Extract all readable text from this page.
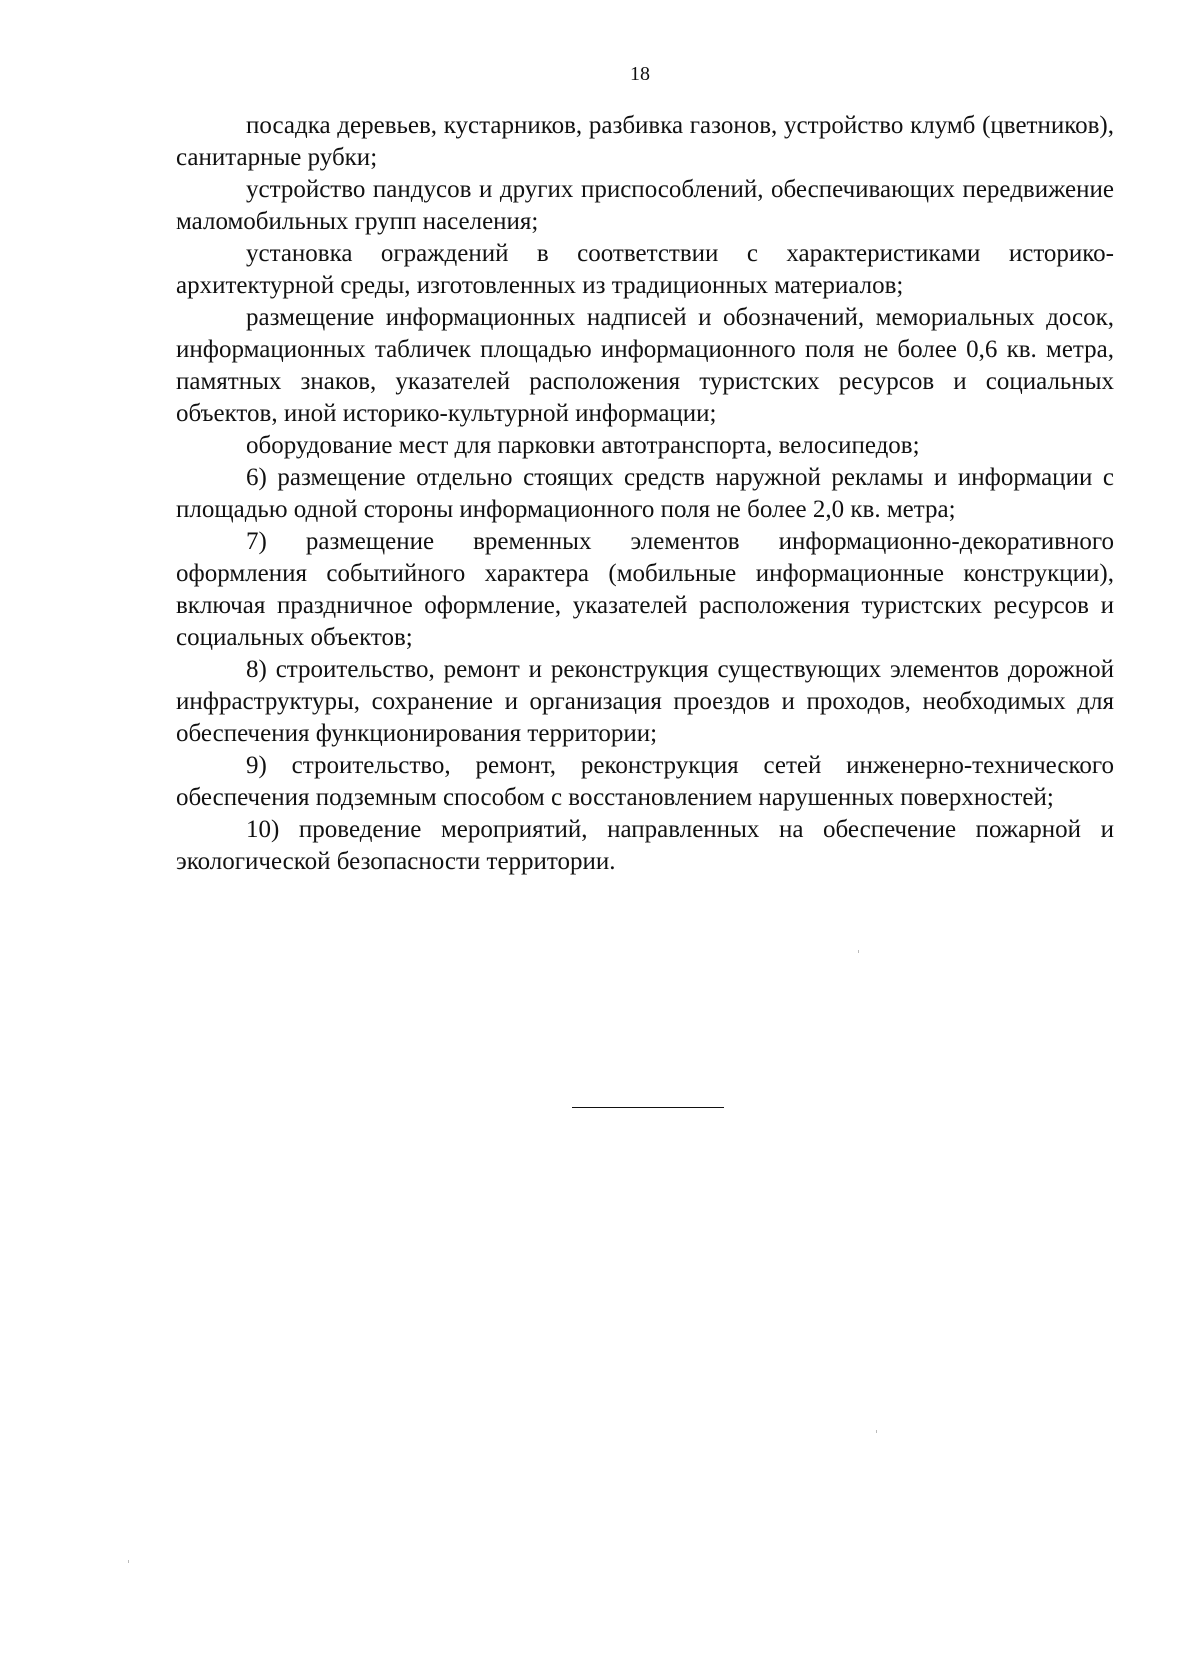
18

посадка деревьев, кустарников, разбивка газонов, устройство клумб (цветников), санитарные рубки;

устройство пандусов и других приспособлений, обеспечивающих передвижение маломобильных групп населения;

установка ограждений в соответствии с характеристиками историко-архитектурной среды, изготовленных из традиционных материалов;

размещение информационных надписей и обозначений, мемориальных досок, информационных табличек площадью информационного поля не более 0,6 кв. метра, памятных знаков, указателей расположения туристских ресурсов и социальных объектов, иной историко-культурной информации;

оборудование мест для парковки автотранспорта, велосипедов;

6) размещение отдельно стоящих средств наружной рекламы и информации с площадью одной стороны информационного поля не более 2,0 кв. метра;

7) размещение временных элементов информационно-декоративного оформления событийного характера (мобильные информационные конструкции), включая праздничное оформление, указателей расположения туристских ресурсов и социальных объектов;

8) строительство, ремонт и реконструкция существующих элементов дорожной инфраструктуры, сохранение и организация проездов и проходов, необходимых для обеспечения функционирования территории;

9) строительство, ремонт, реконструкция сетей инженерно-технического обеспечения подземным способом с восстановлением нарушенных поверхностей;

10) проведение мероприятий, направленных на обеспечение пожарной и экологической безопасности территории.
